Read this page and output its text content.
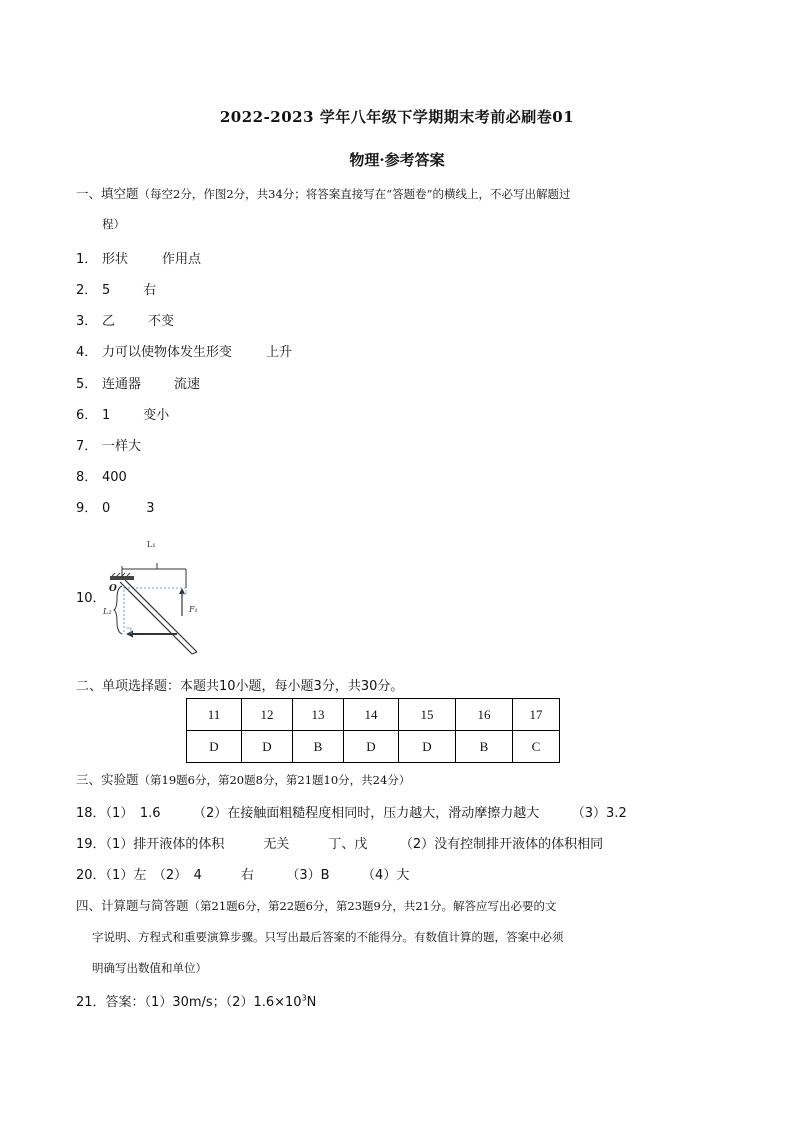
2022-2023 学年八年级下学期期末考前必刷卷01
物理·参考答案
一、填空题（每空2分，作图2分，共34分；将答案直接写在“答题卷”的横线上，不必写出解题过
程）
1． 形状	作用点
2． 5	右
3． 乙	不变
4． 力可以使物体发生形变	上升
5． 连通器	流速
6． 1	变小
7． 一样大
8． 400
9． 0	3
10．
L₁
F₁
O
L₂
二、单项选择题：本题共10小题，每小题3分，共30分。
11	12	13	14	15	16	17
D	D	B	D	D	B	C
三、实验题（第19题6分，第20题8分，第21题10分，共24分）
18．（1）　1.6　　　（2）在接触面粗糙程度相同时，压力越大，滑动摩擦力越大　　　（3）3.2
19．（1）排开液体的体积　　　无关　　　丁、戊　　　（2）没有控制排开液体的体积相同
20．（1）左　（2）　4　　　右　　　（3）B　　　（4）大
四、计算题与简答题（第21题6分，第22题6分，第23题9分，共21分。解答应写出必要的文
字说明、方程式和重要演算步骤。只写出最后答案的不能得分。有数值计算的题，答案中必须
明确写出数值和单位）
21．答案：（1）30m/s；$(2)1.6\times 10^3N$
